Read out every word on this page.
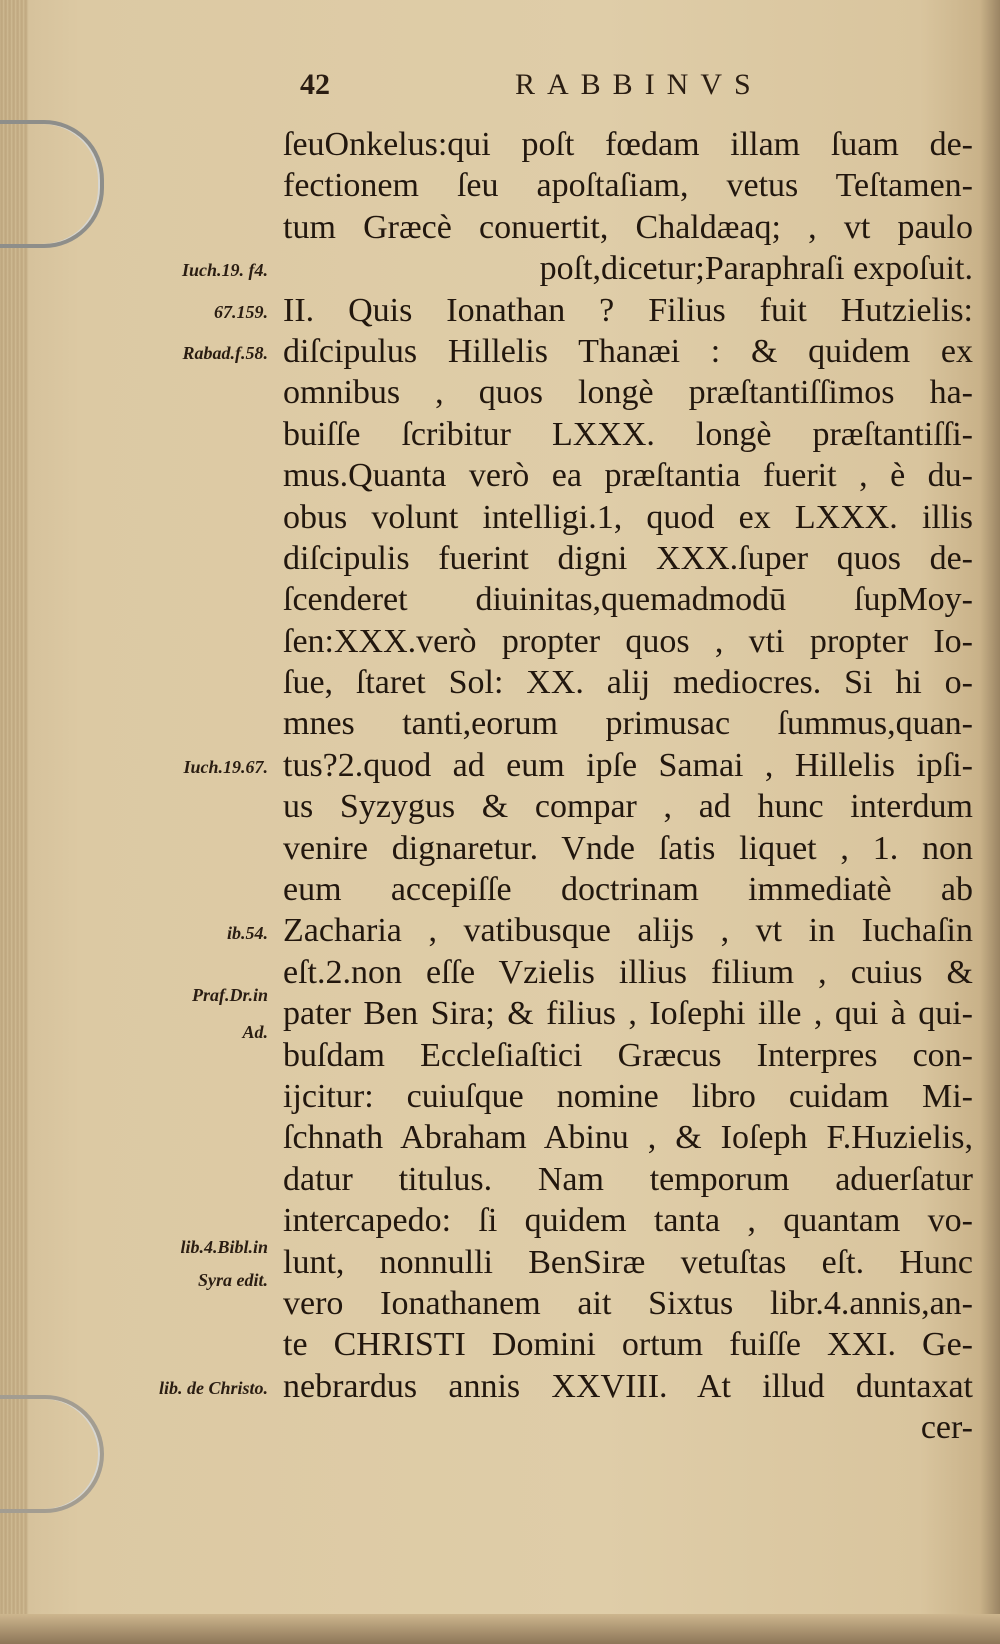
42	RABBINVS
Iuch.19. f4.
67.159.
Rabad.f.58.
Iuch.19.67.
ib.54.
Praf.Dr.in
Ad.
lib.4.Bibl.in
Syra edit.
lib. de Christo.
ſeuOnkelus:qui poſt fœdam illam ſuam de-
fectionem ſeu apoſtaſiam, vetus Teſtamen-
tum Græcè conuertit, Chaldæaq; , vt paulo
poſt,dicetur;Paraphraſi expoſuit.
II. Quis Ionathan ? Filius fuit Hutzielis:
diſcipulus Hillelis Thanæi : & quidem ex
omnibus , quos longè præſtantiſſimos ha-
buiſſe ſcribitur LXXX. longè præſtantiſſi-
mus.Quanta verò ea præſtantia fuerit , è du-
obus volunt intelligi.1, quod ex LXXX. illis
diſcipulis fuerint digni XXX.ſuper quos de-
ſcenderet diuinitas,quemadmodū ſupMoy-
ſen:XXX.verò propter quos , vti propter Io-
ſue, ſtaret Sol: XX. alij mediocres. Si hi o-
mnes tanti,eorum primusac ſummus,quan-
tus?2.quod ad eum ipſe Samai , Hillelis ipſi-
us Syzygus & compar , ad hunc interdum
venire dignaretur. Vnde ſatis liquet , 1. non
eum accepiſſe doctrinam immediatè ab
Zacharia , vatibusque alijs , vt in Iuchaſin
eſt.2.non eſſe Vzielis illius filium , cuius &
pater Ben Sira; & filius , Ioſephi ille , qui à qui-
buſdam Eccleſiaſtici Græcus Interpres con-
ijcitur: cuiuſque nomine libro cuidam Mi-
ſchnath Abraham Abinu , & Ioſeph F.Huzielis,
datur titulus. Nam temporum aduerſatur
intercapedo: ſi quidem tanta , quantam vo-
lunt, nonnulli BenSiræ vetuſtas eſt. Hunc
vero Ionathanem ait Sixtus libr.4.annis,an-
te CHRISTI Domini ortum fuiſſe XXI. Ge-
nebrardus annis XXVIII. At illud duntaxat
cer-
